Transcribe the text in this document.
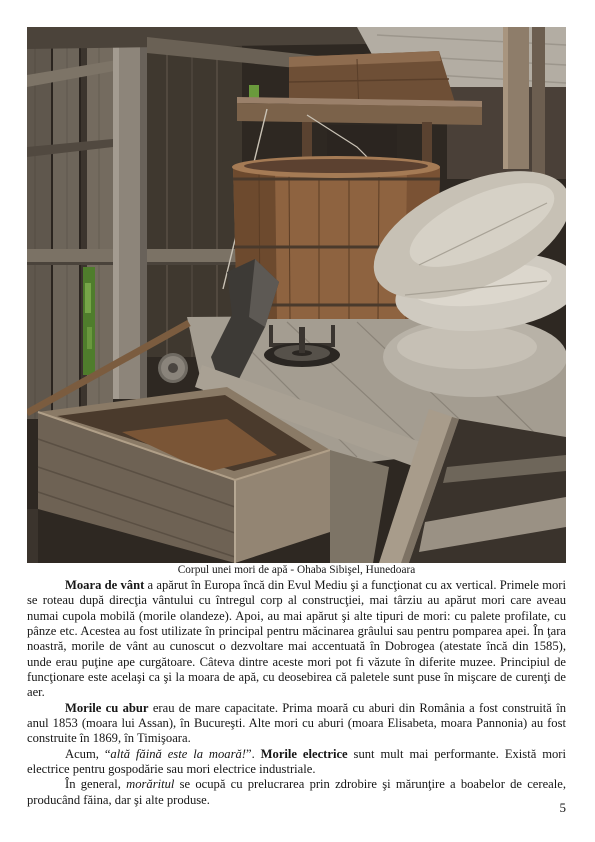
Corpul unei mori de apă - Ohaba Sibişel, Hunedoara

Moara de vânt a apărut în Europa încă din Evul Mediu şi a funcţionat cu ax vertical. Primele mori se roteau după direcţia vântului cu întregul corp al construcţiei, mai târziu au apărut mori care aveau numai cupola mobilă (morile olandeze). Apoi, au mai apărut şi alte tipuri de mori: cu palete profilate, cu pânze etc. Acestea au fost utilizate în principal pentru măcinarea grâului sau pentru pomparea apei. În ţara noastră, morile de vânt au cunoscut o dezvoltare mai accentuată în Dobrogea (atestate încă din 1585), unde erau puţine ape curgătoare. Câteva dintre aceste mori pot fi văzute în diferite muzee. Principiul de funcţionare este acelaşi ca şi la moara de apă, cu deosebirea că paletele sunt puse în mişcare de curenţi de aer.

Morile cu abur erau de mare capacitate. Prima moară cu aburi din România a fost construită în anul 1853 (moara lui Assan), în Bucureşti. Alte mori cu aburi (moara Elisabeta, moara Pannonia) au fost construite în 1869, în Timişoara.

Acum, “altă făină este la moară!”. Morile electrice sunt mult mai performante. Există mori electrice pentru gospodărie sau mori electrice industriale.

În general, morăritul se ocupă cu prelucrarea prin zdrobire şi mărunţire a boabelor de cereale, producând făina, dar şi alte produse.

5
